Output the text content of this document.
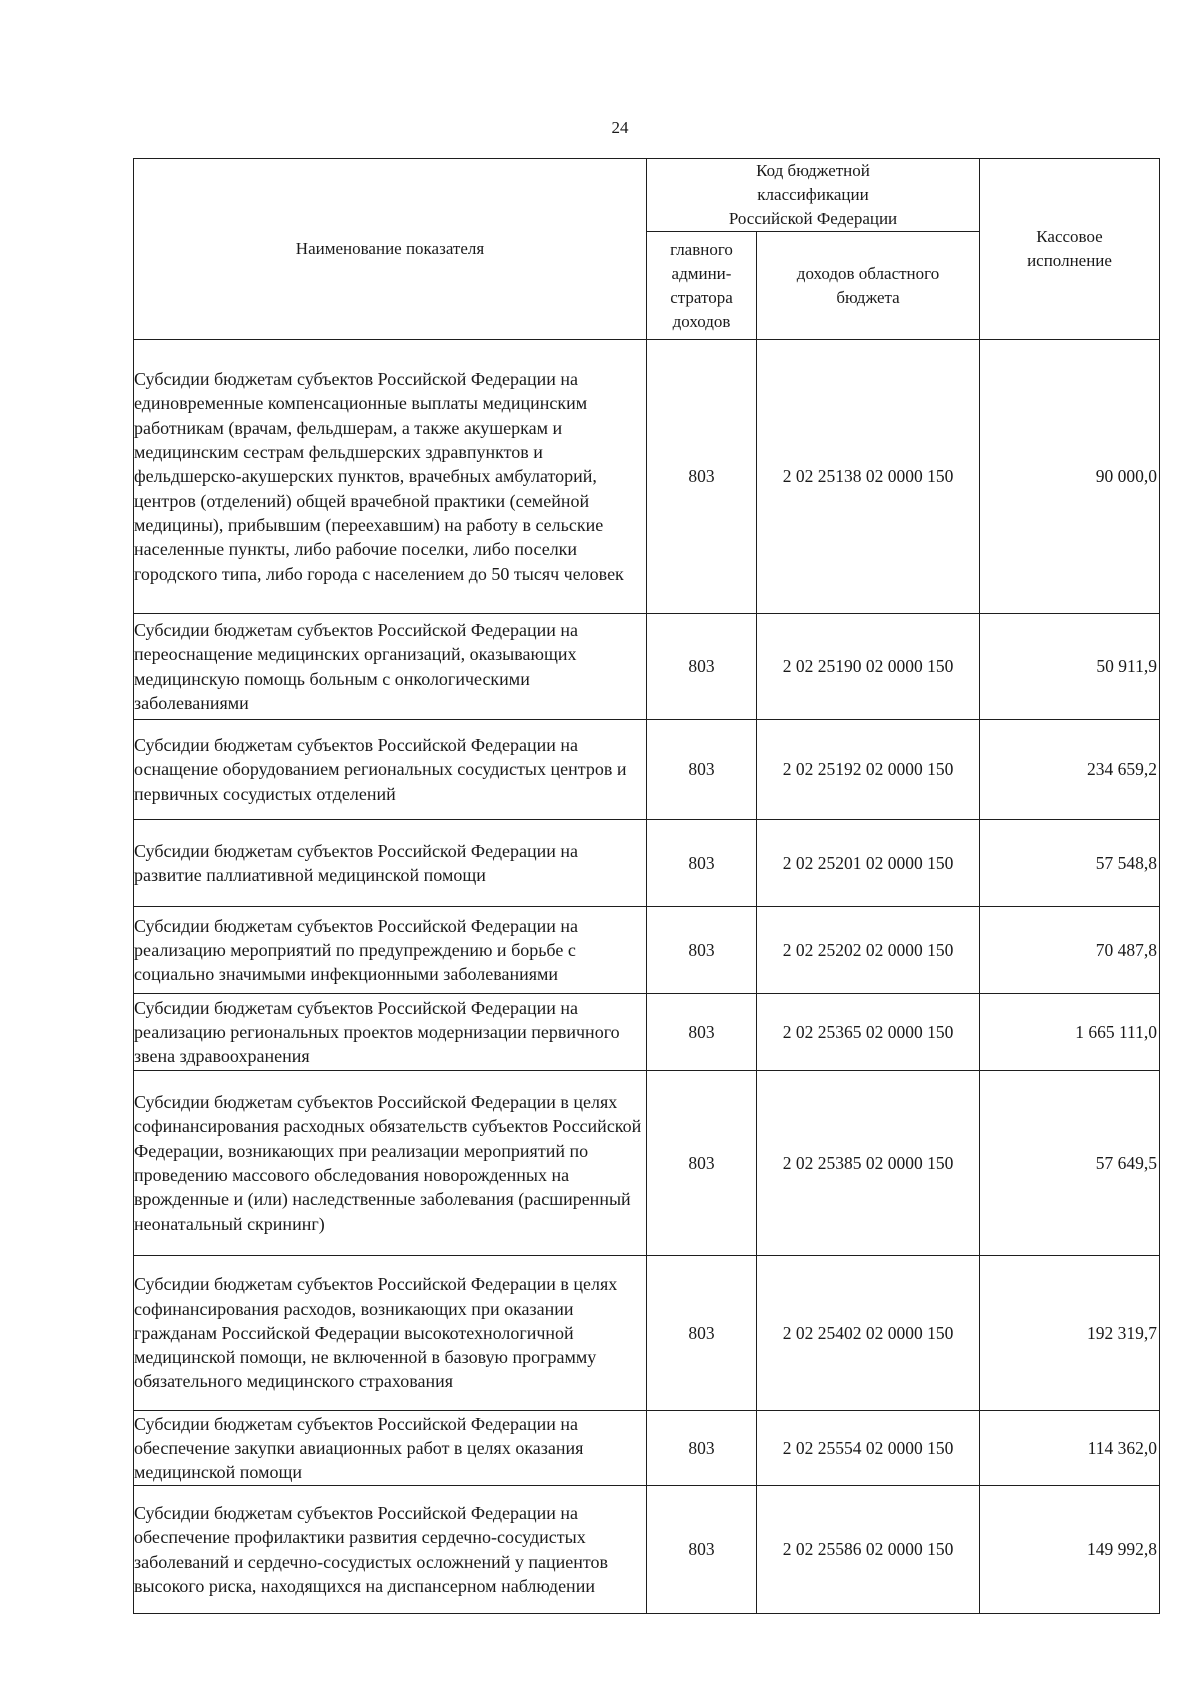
24
Наименование показателя	Код бюджетной классификации Российской Федерации		Кассовое исполнение
	главного админи- стратора доходов	доходов областного бюджета	
Субсидии бюджетам субъектов Российской Федерации на единовременные компенсационные выплаты медицинским работникам (врачам, фельдшерам, а также акушеркам и медицинским сестрам фельдшерских здравпунктов и фельдшерско-акушерских пунктов, врачебных амбулаторий, центров (отделений) общей врачебной практики (семейной медицины), прибывшим (переехавшим) на работу в сельские населенные пункты, либо рабочие поселки, либо поселки городского типа, либо города с населением до 50 тысяч человек	803	2 02 25138 02 0000 150	90 000,0
Субсидии бюджетам субъектов Российской Федерации на переоснащение медицинских организаций, оказывающих медицинскую помощь больным с онкологическими заболеваниями	803	2 02 25190 02 0000 150	50 911,9
Субсидии бюджетам субъектов Российской Федерации на оснащение оборудованием региональных сосудистых центров и первичных сосудистых отделений	803	2 02 25192 02 0000 150	234 659,2
Субсидии бюджетам субъектов Российской Федерации на развитие паллиативной медицинской помощи	803	2 02 25201 02 0000 150	57 548,8
Субсидии бюджетам субъектов Российской Федерации на реализацию мероприятий по предупреждению и борьбе с социально значимыми инфекционными заболеваниями	803	2 02 25202 02 0000 150	70 487,8
Субсидии бюджетам субъектов Российской Федерации на реализацию региональных проектов модернизации первичного звена здравоохранения	803	2 02 25365 02 0000 150	1 665 111,0
Субсидии бюджетам субъектов Российской Федерации в целях софинансирования расходных обязательств субъектов Российской Федерации, возникающих при реализации мероприятий по проведению массового обследования новорожденных на врожденные и (или) наследственные заболевания (расширенный неонатальный скрининг)	803	2 02 25385 02 0000 150	57 649,5
Субсидии бюджетам субъектов Российской Федерации в целях софинансирования расходов, возникающих при оказании гражданам Российской Федерации высокотехнологичной медицинской помощи, не включенной в базовую программу обязательного медицинского страхования	803	2 02 25402 02 0000 150	192 319,7
Субсидии бюджетам субъектов Российской Федерации на обеспечение закупки авиационных работ в целях оказания медицинской помощи	803	2 02 25554 02 0000 150	114 362,0
Субсидии бюджетам субъектов Российской Федерации на обеспечение профилактики развития сердечно-сосудистых заболеваний и сердечно-сосудистых осложнений у пациентов высокого риска, находящихся на диспансерном наблюдении	803	2 02 25586 02 0000 150	149 992,8
